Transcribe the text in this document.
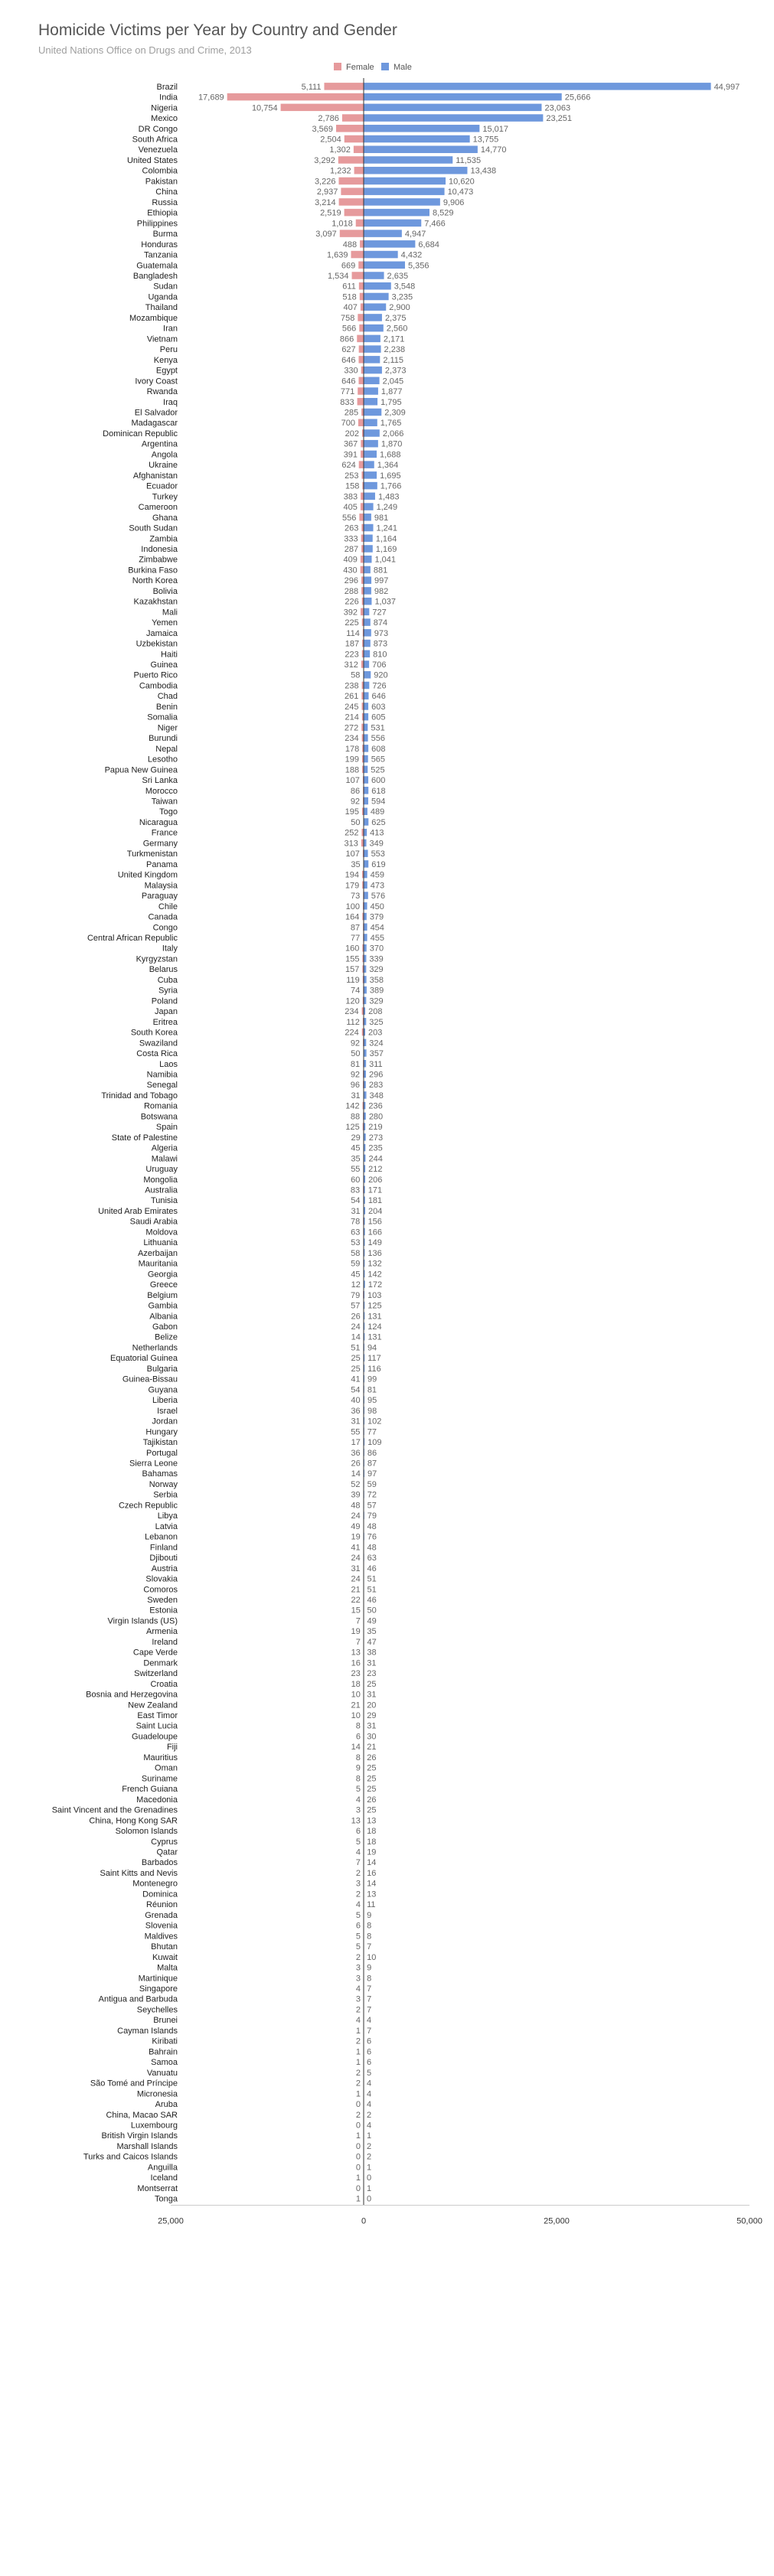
Homicide Victims per Year by Country and Gender
United Nations Office on Drugs and Crime, 2013
Female Male
Brazil	5,111	44,997
India 17,689	25,666
Nigeria	10,754	23,063
Mexico	2,786	23,251
DR Congo	3,569	15,017
South Africa	2,504	13,755
Venezuela	1,302	14,770
United States	3,292	11,535
Colombia	1,232	13,438
Pakistan	3,226	10,620
China	2,937	10,473
Russia	3,214	9,906
Ethiopia	2,519	8,529
Philippines	1,018	7,466
Burma	3,097	4,947
Honduras	488	6,684
Tanzania	1,639	4,432
Guatemala	669	5,356
Bangladesh	1,534	2,635
Sudan	611	3,548
Uganda	518	3,235
Thailand	407	2,900
Mozambique	758	2,375
Iran	566	2,560
Vietnam	866	2,171
Peru	627	2,238
Kenya	646	2,115
Egypt	330	2,373
Ivory Coast	646	2,045
Rwanda	771	1,877
Iraq	833	1,795
El Salvador	285	2,309
Madagascar	700	1,765
Dominican Republic	202	2,066
Argentina	367	1,870
Angola	391	1,688
Ukraine	624	1,364
Afghanistan	253	1,695
Ecuador	158 1,766
Turkey	383 1,483
Cameroon	405 1,249
Ghana	556 981
South Sudan	263 1,241
Zambia	333 1,164
Indonesia	287 1,169
Zimbabwe	409 1,041
Burkina Faso	430 881
North Korea	296 997
Bolivia	288 982
Kazakhstan	226 1,037
Mali	392 727
Yemen	225 874
Jamaica	114 973
Uzbekistan	187 873
Haiti	223 810
Guinea	312 706
Puerto Rico	58 920
Cambodia	238 726
Chad	261 646
Benin	245 603
Somalia	214 605
Niger	272 531
Burundi	234 556
Nepal	178 608
Lesotho	199 565
Papua New Guinea	188 525
Sri Lanka	107 600
Morocco	86 618
Taiwan	92 594
Togo	195 489
Nicaragua	50 625
France	252 413
Germany	313 349
Turkmenistan	107 553
Panama	35 619
United Kingdom	194 459
Malaysia	179 473
Paraguay	73 576
Chile	100 450
Canada	164 379
Congo	87 454
Central African Republic	77 455
Italy	160 370
Kyrgyzstan	155 339
Belarus	157 329
Cuba	119 358
Syria	74 389
Poland	120 329
Japan	234 208
Eritrea	112 325
South Korea	224 203
Swaziland	92 324
Costa Rica	50 357
Laos	81 311
Namibia	92 296
Senegal	96 283
Trinidad and Tobago	31 348
Romania	142 236
Botswana	88 280
Spain	125 219
State of Palestine	29 273
Algeria	45 235
Malawi	35 244
Uruguay	55 212
Mongolia	60 206
Australia	83 171
Tunisia	54 181
United Arab Emirates	31 204
Saudi Arabia	78 156
Moldova	63 166
Lithuania	53 149
Azerbaijan	58 136
Mauritania	59 132
Georgia	45 142
Greece	12 172
Belgium	79 103
Gambia	57 125
Albania	26 131
Gabon	24 124
Belize	14 131
Netherlands	51 94
Equatorial Guinea	25 117
Bulgaria	25 116
Guinea-Bissau	41 99
Guyana	54 81
Liberia	40 95
Israel	36 98
Jordan	31 102
Hungary	55 77
Tajikistan	17 109
Portugal	36 86
Sierra Leone	26 87
Bahamas	14 97
Norway	52 59
Serbia	39 72
Czech Republic	48 57
Libya	24 79
Latvia	49 48
Lebanon	19 76
Finland	41 48
Djibouti	24 63
Austria	31 46
Slovakia	24 51
Comoros	21 51
Sweden	22 46
Estonia	15 50
Virgin Islands (US)	7 49
Armenia	19 35
Ireland	7 47
Cape Verde	13 38
Denmark	16 31
Switzerland	23 23
Croatia	18 25
Bosnia and Herzegovina	10 31
New Zealand	21 20
East Timor	10 29
Saint Lucia	8 31
Guadeloupe	6 30
Fiji	14 21
Mauritius	8 26
Oman	9 25
Suriname	8 25
French Guiana	5 25
Macedonia	4 26
Saint Vincent and the Grenadines	3 25
China, Hong Kong SAR	13 13
Solomon Islands	6 18
Cyprus	5 18
Qatar	4 19
Barbados	7 14
Saint Kitts and Nevis	2 16
Montenegro	3 14
Dominica	2 13
Réunion	4 11
Grenada	5 9
Slovenia	6 8
Maldives	5 8
Bhutan	5 7
Kuwait	2 10
Malta	3 9
Martinique	3 8
Singapore	4 7
Antigua and Barbuda	3 7
Seychelles	2 7
Brunei	4 4
Cayman Islands	1 7
Kiribati	2 6
Bahrain	1 6
Samoa	1 6
Vanuatu	2 5
São Tomé and Príncipe	2 4
Micronesia	1 4
Aruba	0 4
China, Macao SAR	2 2
Luxembourg	0 4
British Virgin Islands	1 1
Marshall Islands	0 2
Turks and Caicos Islands	0 2
Anguilla	0 1
Iceland	1 0
Montserrat	0 1
Tonga	1 0
25,000	0	25,000	50,000
